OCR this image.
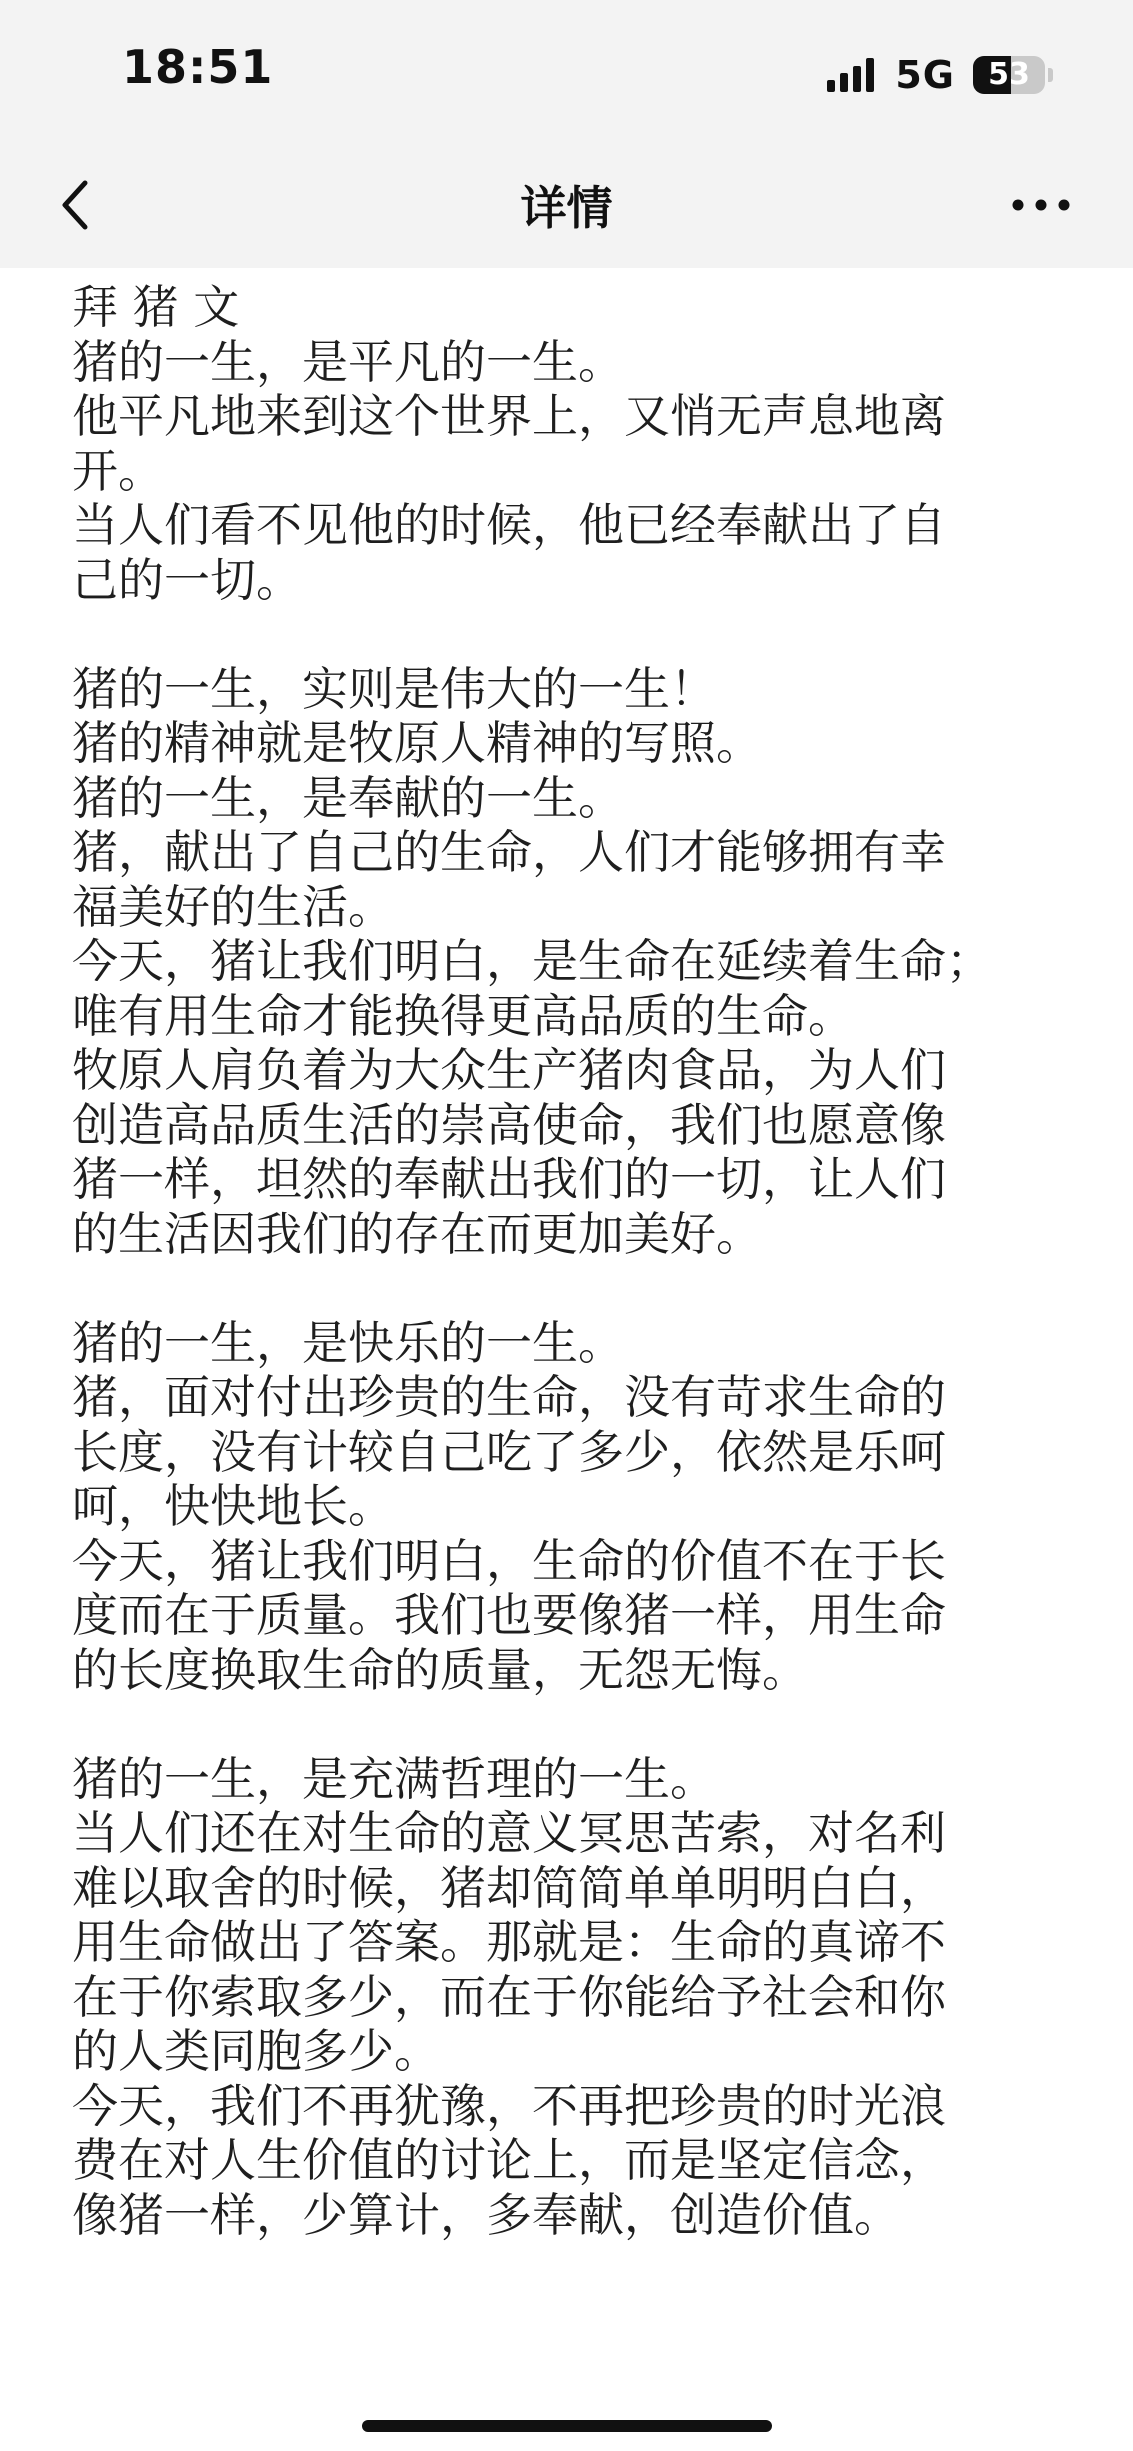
18:51	5G	53
详情
拜 猪 文
猪的一生，是平凡的一生。
他平凡地来到这个世界上，又悄无声息地离
开。
当人们看不见他的时候，他已经奉献出了自
己的一切。
猪的一生，实则是伟大的一生！
猪的精神就是牧原人精神的写照。
猪的一生，是奉献的一生。
猪，献出了自己的生命，人们才能够拥有幸
福美好的生活。
今天，猪让我们明白，是生命在延续着生命；
唯有用生命才能换得更高品质的生命。
牧原人肩负着为大众生产猪肉食品，为人们
创造高品质生活的崇高使命，我们也愿意像
猪一样，坦然的奉献出我们的一切，让人们
的生活因我们的存在而更加美好。
猪的一生，是快乐的一生。
猪，面对付出珍贵的生命，没有苛求生命的
长度，没有计较自己吃了多少，依然是乐呵
呵，快快地长。
今天，猪让我们明白，生命的价值不在于长
度而在于质量。我们也要像猪一样，用生命
的长度换取生命的质量，无怨无悔。
猪的一生，是充满哲理的一生。
当人们还在对生命的意义冥思苦索，对名利
难以取舍的时候，猪却简简单单明明白白，
用生命做出了答案。那就是：生命的真谛不
在于你索取多少，而在于你能给予社会和你
的人类同胞多少。
今天，我们不再犹豫，不再把珍贵的时光浪
费在对人生价值的讨论上，而是坚定信念，
像猪一样，少算计，多奉献，创造价值。
